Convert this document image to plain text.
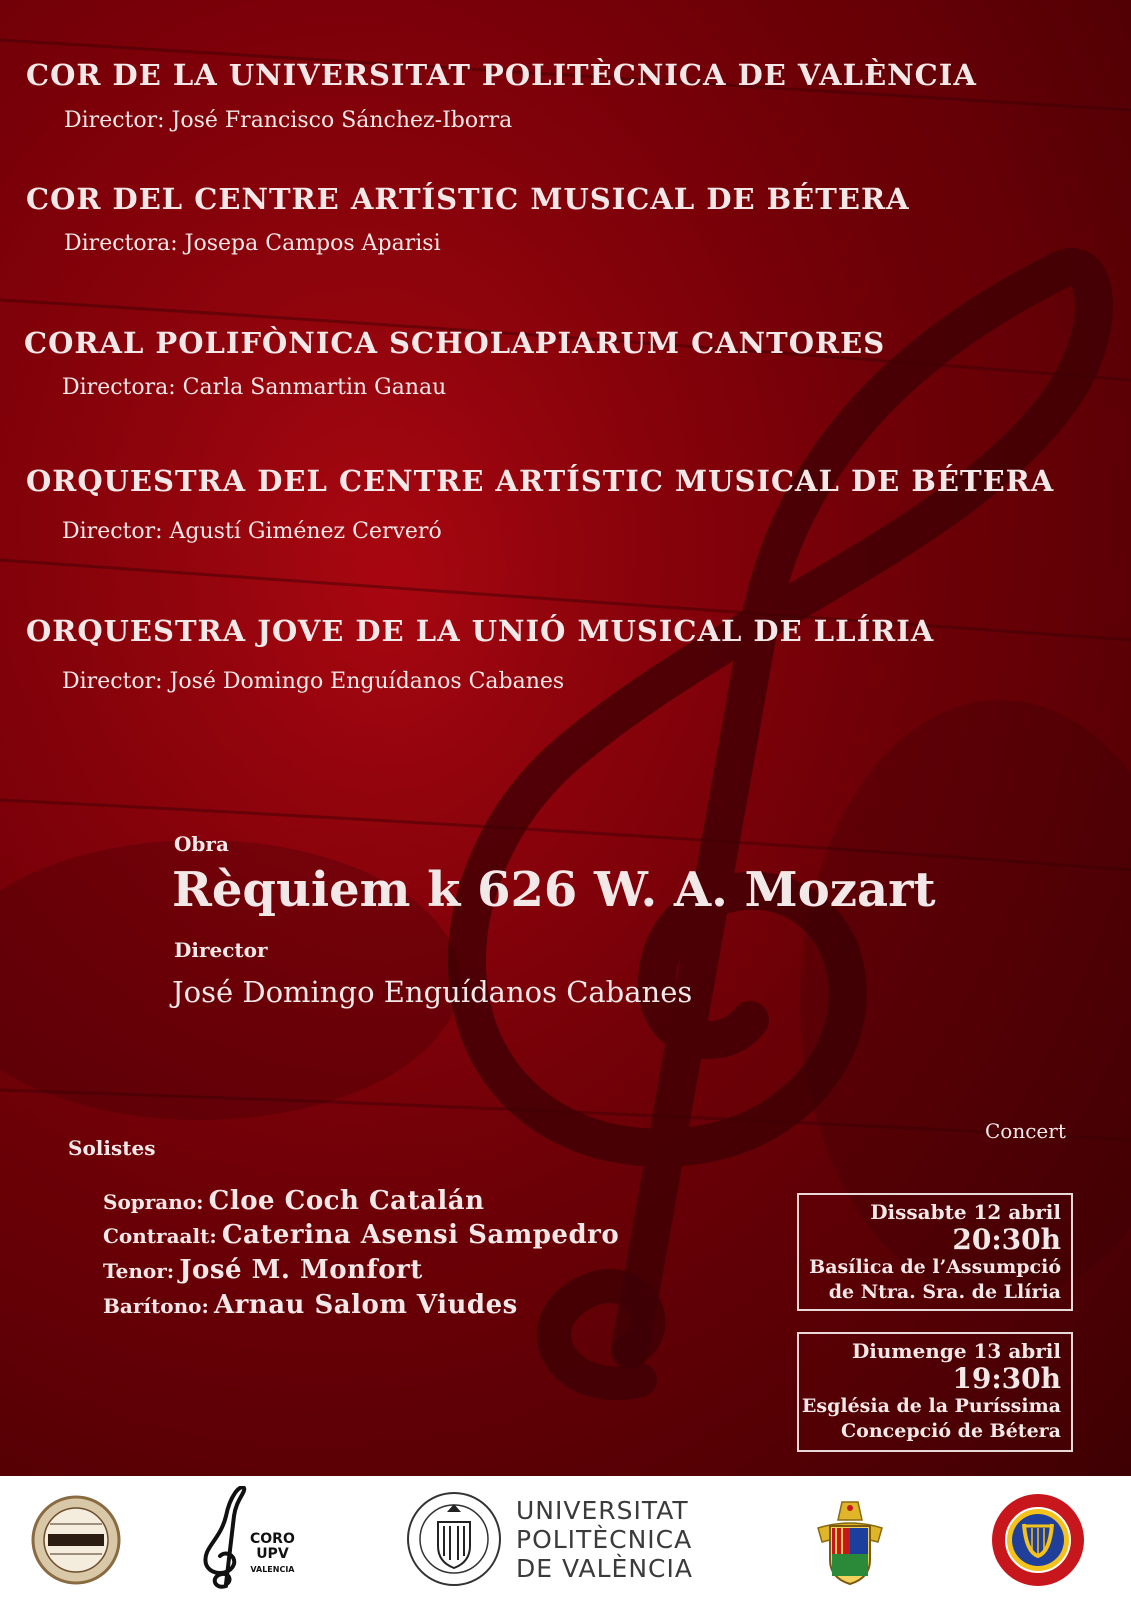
COR DE LA UNIVERSITAT POLITÈCNICA DE VALÈNCIA
Director: José Francisco Sánchez-Iborra
COR DEL CENTRE ARTÍSTIC MUSICAL DE BÉTERA
Directora: Josepa Campos Aparisi
CORAL POLIFÒNICA SCHOLAPIARUM CANTORES
Directora: Carla Sanmartin Ganau
ORQUESTRA DEL CENTRE ARTÍSTIC MUSICAL DE BÉTERA
Director: Agustí Giménez Cerveró
ORQUESTRA JOVE DE LA UNIÓ MUSICAL DE LLÍRIA
Director: José Domingo Enguídanos Cabanes
Obra
Rèquiem k 626 W. A. Mozart
Director
José Domingo Enguídanos Cabanes
Solistes
Soprano: Cloe Coch Catalán
Contraalt: Caterina Asensi Sampedro
Tenor: José M. Monfort
Barítono: Arnau Salom Viudes
Concert
Dissabte 12 abril
20:30h
Basílica de l’Assumpció
de Ntra. Sra. de Llíria
Diumenge 13 abril
19:30h
Església de la Puríssima
Concepció de Bétera
CORO
UPV
VALENCIA
UNIVERSITAT
POLITÈCNICA
DE VALÈNCIA
